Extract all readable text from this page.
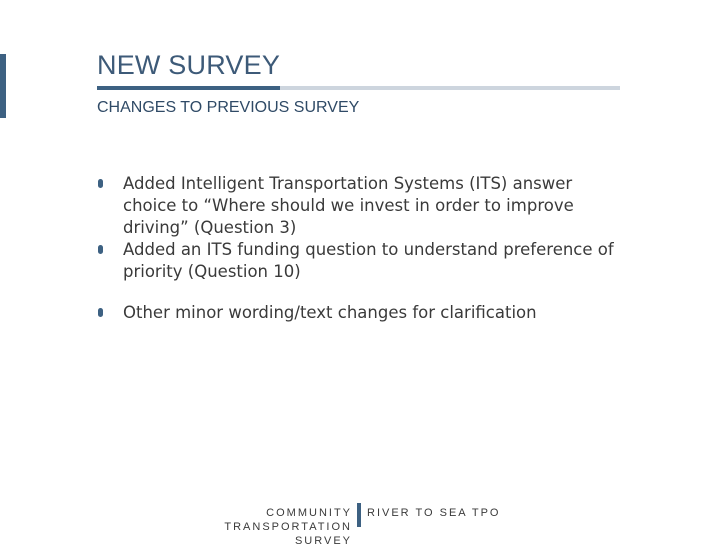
NEW SURVEY
CHANGES TO PREVIOUS SURVEY
Added Intelligent Transportation Systems (ITS) answer choice to “Where should we invest in order to improve driving” (Question 3)
Added an ITS funding question to understand preference of priority (Question 10)
Other minor wording/text changes for clarification
COMMUNITY TRANSPORTATION
SURVEY
RIVER TO SEA TPO
